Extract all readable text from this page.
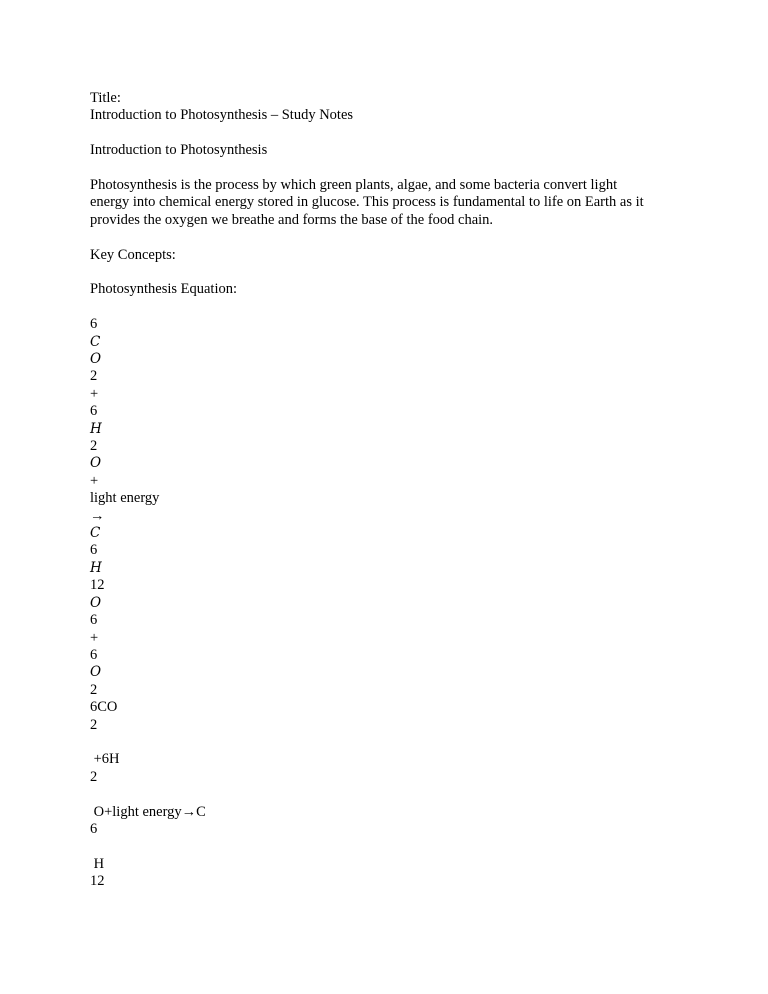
Title:
Introduction to Photosynthesis – Study Notes
Introduction to Photosynthesis
Photosynthesis is the process by which green plants, algae, and some bacteria convert light
energy into chemical energy stored in glucose. This process is fundamental to life on Earth as it
provides the oxygen we breathe and forms the base of the food chain.
Key Concepts:
Photosynthesis Equation:
6
𝐶
𝑂
2
+
6
𝐻
2
𝑂
+
light energy
→
𝐶
6
𝐻
12
𝑂
6
+
6
𝑂
2
6CO
2
+6H
2
O+light energy→C
6
H
12
